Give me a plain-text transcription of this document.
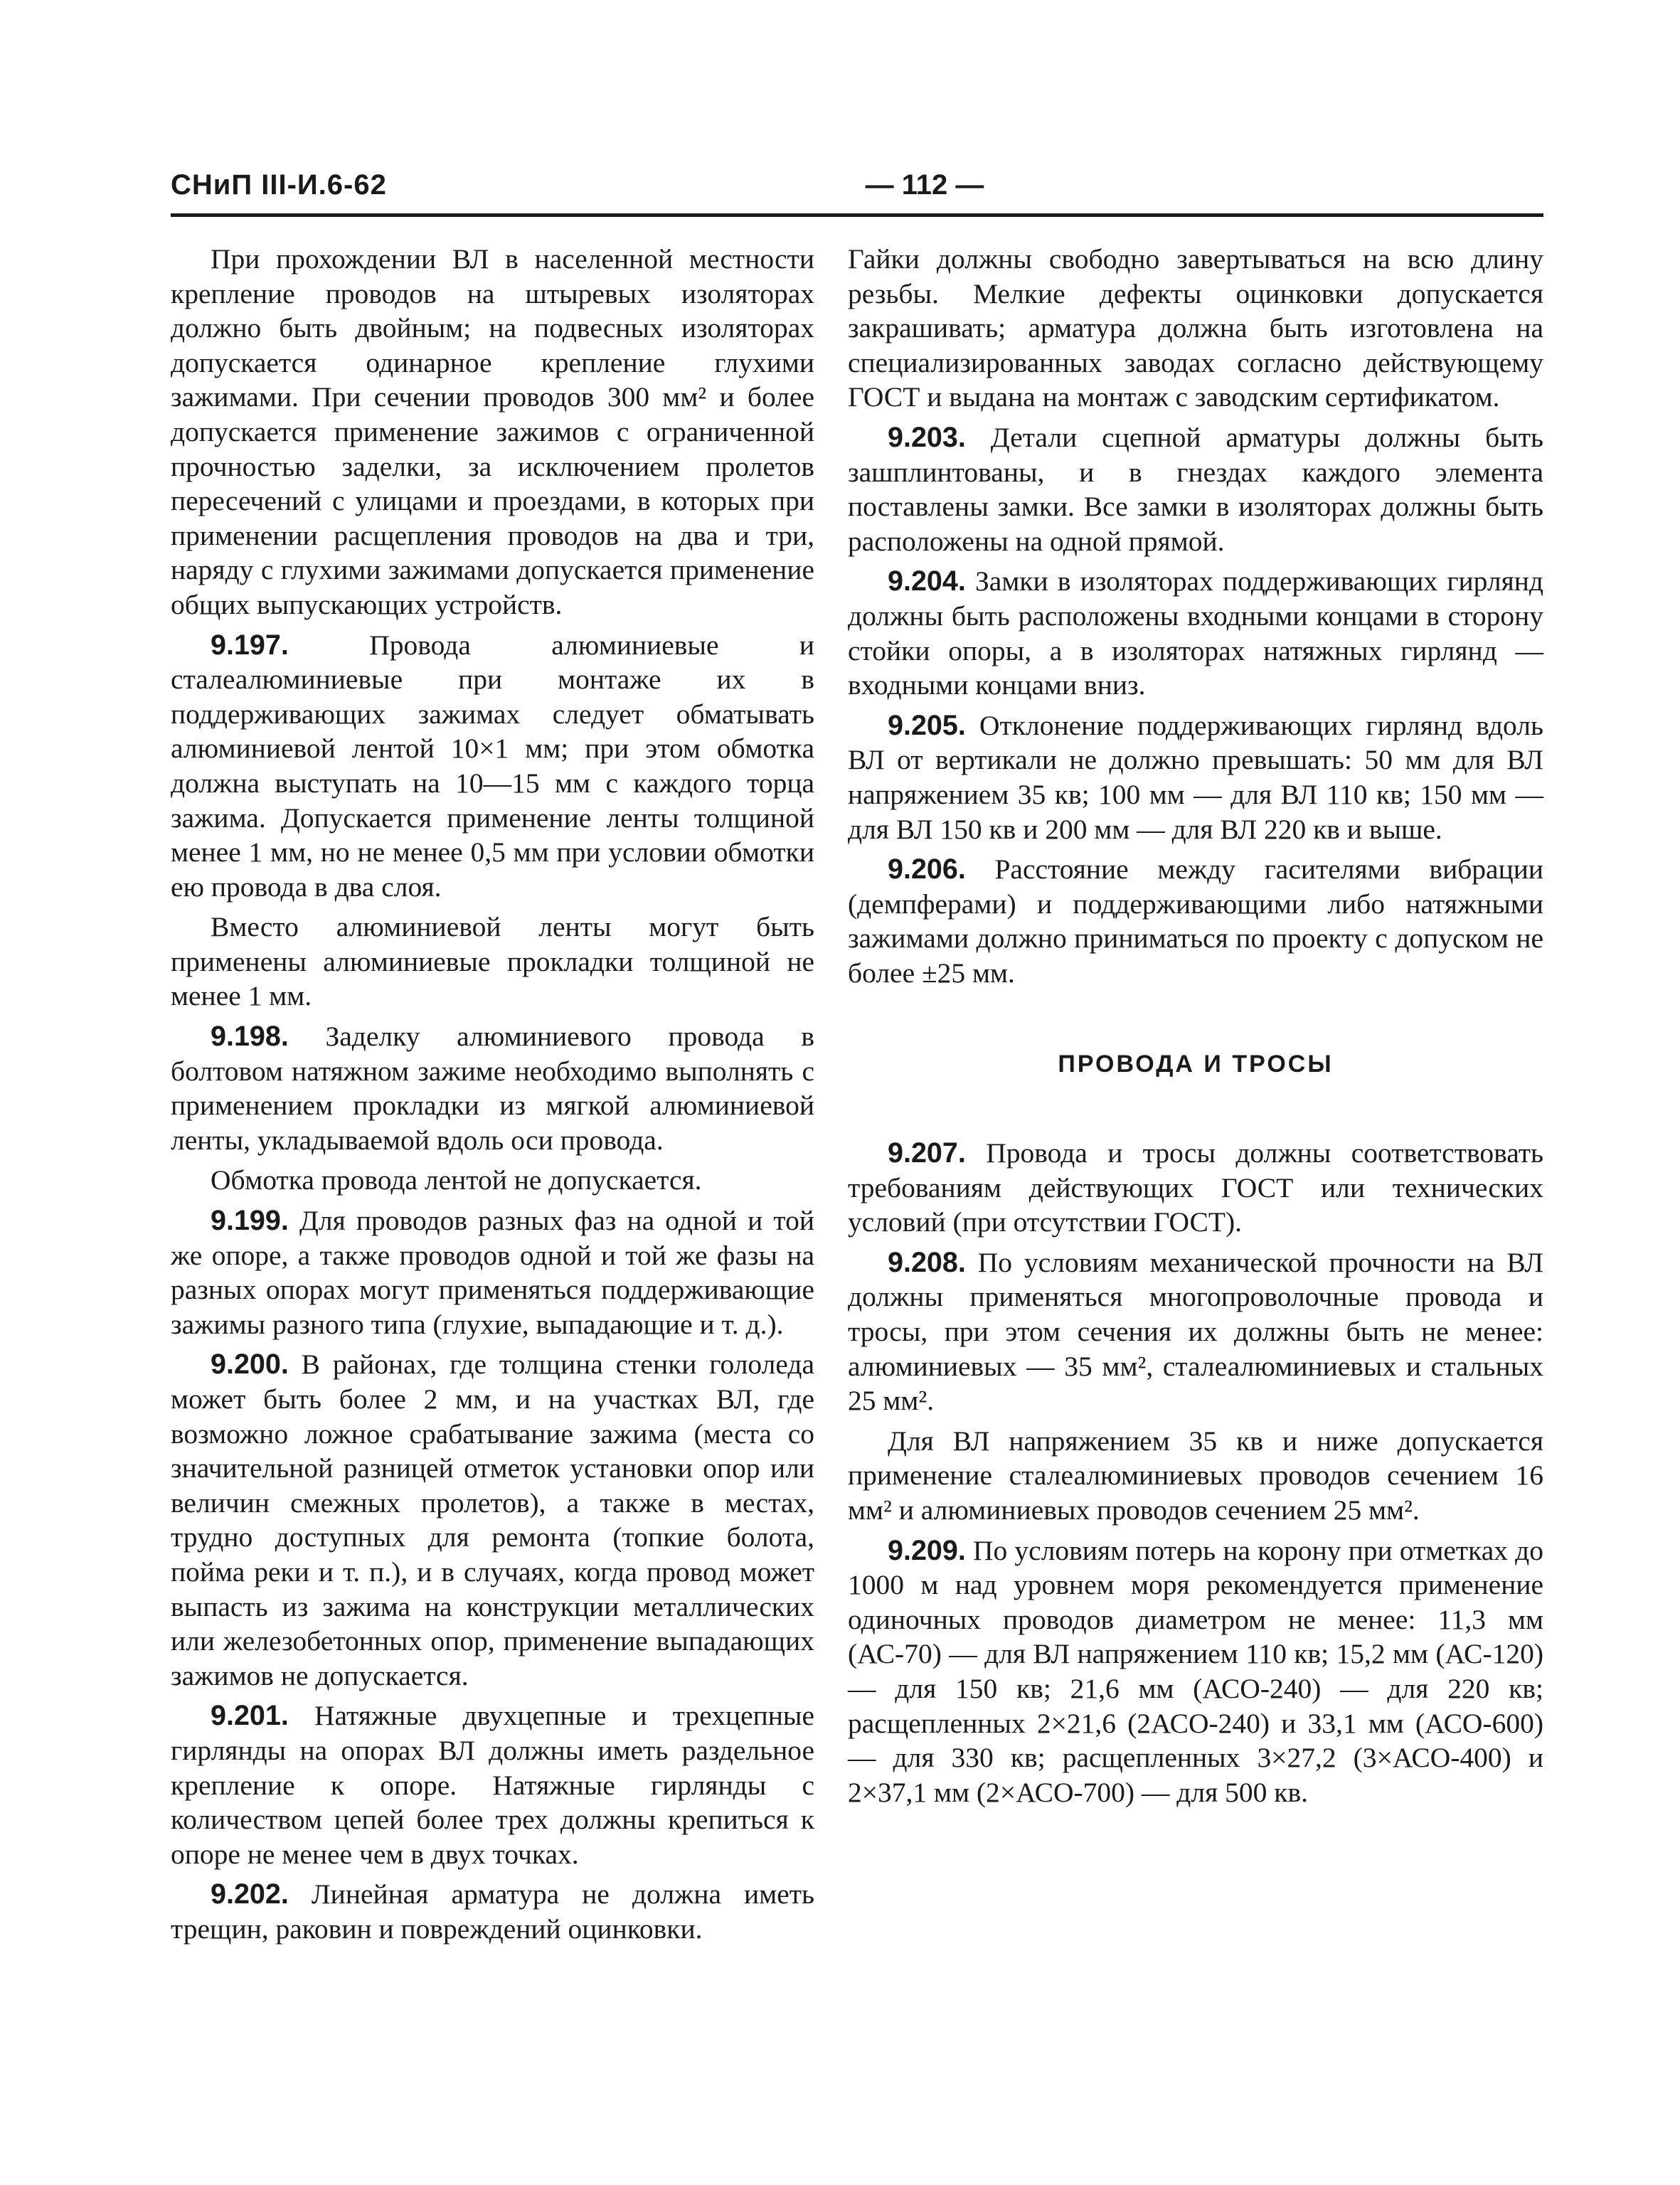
СНиП III-И.6-62	— 112 —

При прохождении ВЛ в населенной местности крепление проводов на штыревых изоляторах должно быть двойным; на подвесных изоляторах допускается одинарное крепление глухими зажимами. При сечении проводов 300 мм² и более допускается применение зажимов с ограниченной прочностью заделки, за исключением пролетов пересечений с улицами и проездами, в которых при применении расщепления проводов на два и три, наряду с глухими зажимами допускается применение общих выпускающих устройств.

9.197.	Провода алюминиевые и сталеалюминиевые при монтаже их в поддерживающих зажимах следует обматывать алюминиевой лентой 10×1 мм; при этом обмотка должна выступать на 10—15 мм с каждого торца зажима. Допускается применение ленты толщиной менее 1 мм, но не менее 0,5 мм при условии обмотки ею провода в два слоя.

Вместо алюминиевой ленты могут быть применены алюминиевые прокладки толщиной не менее 1 мм.

9.198. Заделку алюминиевого провода в болтовом натяжном зажиме необходимо выполнять с применением прокладки из мягкой алюминиевой ленты, укладываемой вдоль оси провода.

Обмотка провода лентой не допускается.

9.199. Для проводов разных фаз на одной и той же опоре, а также проводов одной и той же фазы на разных опорах могут применяться поддерживающие зажимы разного типа (глухие, выпадающие и т. д.).

9.200. В районах, где толщина стенки гололеда может быть более 2 мм, и на участках ВЛ, где возможно ложное срабатывание зажима (места со значительной разницей отметок установки опор или величин смежных пролетов), а также в местах, трудно доступных для ремонта (топкие болота, пойма реки и т. п.), и в случаях, когда провод может выпасть из зажима на конструкции металлических или железобетонных опор, применение выпадающих зажимов не допускается.

9.201. Натяжные двухцепные и трехцепные гирлянды на опорах ВЛ должны иметь раздельное крепление к опоре. Натяжные гирлянды с количеством цепей более трех должны крепиться к опоре не менее чем в двух точках.

9.202. Линейная арматура не должна иметь трещин, раковин и повреждений оцинковки.

Гайки должны свободно завертываться на всю длину резьбы. Мелкие дефекты оцинковки допускается закрашивать; арматура должна быть изготовлена на специализированных заводах согласно действующему ГОСТ и выдана на монтаж с заводским сертификатом.

9.203. Детали сцепной арматуры должны быть зашплинтованы, и в гнездах каждого элемента поставлены замки. Все замки в изоляторах должны быть расположены на одной прямой.

9.204. Замки в изоляторах поддерживающих гирлянд должны быть расположены входными концами в сторону стойки опоры, а в изоляторах натяжных гирлянд — входными концами вниз.

9.205. Отклонение поддерживающих гирлянд вдоль ВЛ от вертикали не должно превышать: 50 мм для ВЛ напряжением 35 кв; 100 мм — для ВЛ 110 кв; 150 мм — для ВЛ 150 кв и 200 мм — для ВЛ 220 кв и выше.

9.206. Расстояние между гасителями вибрации (демпферами) и поддерживающими либо натяжными зажимами должно приниматься по проекту с допуском не более ±25 мм.

ПРОВОДА И ТРОСЫ

9.207. Провода и тросы должны соответствовать требованиям действующих ГОСТ или технических условий (при отсутствии ГОСТ).

9.208. По условиям механической прочности на ВЛ должны применяться многопроволочные провода и тросы, при этом сечения их должны быть не менее: алюминиевых — 35 мм², сталеалюминиевых и стальных 25 мм².

Для ВЛ напряжением 35 кв и ниже допускается применение сталеалюминиевых проводов сечением 16 мм² и алюминиевых проводов сечением 25 мм².

9.209. По условиям потерь на корону при отметках до 1000 м над уровнем моря рекомендуется применение одиночных проводов диаметром не менее: 11,3 мм (АС-70) — для ВЛ напряжением 110 кв; 15,2 мм (АС-120) — для 150 кв; 21,6 мм (АСО-240) — для 220 кв; расщепленных 2×21,6 (2АСО-240) и 33,1 мм (АСО-600) — для 330 кв; расщепленных 3×27,2 (3×АСО-400) и 2×37,1 мм (2×АСО-700) — для 500 кв.
